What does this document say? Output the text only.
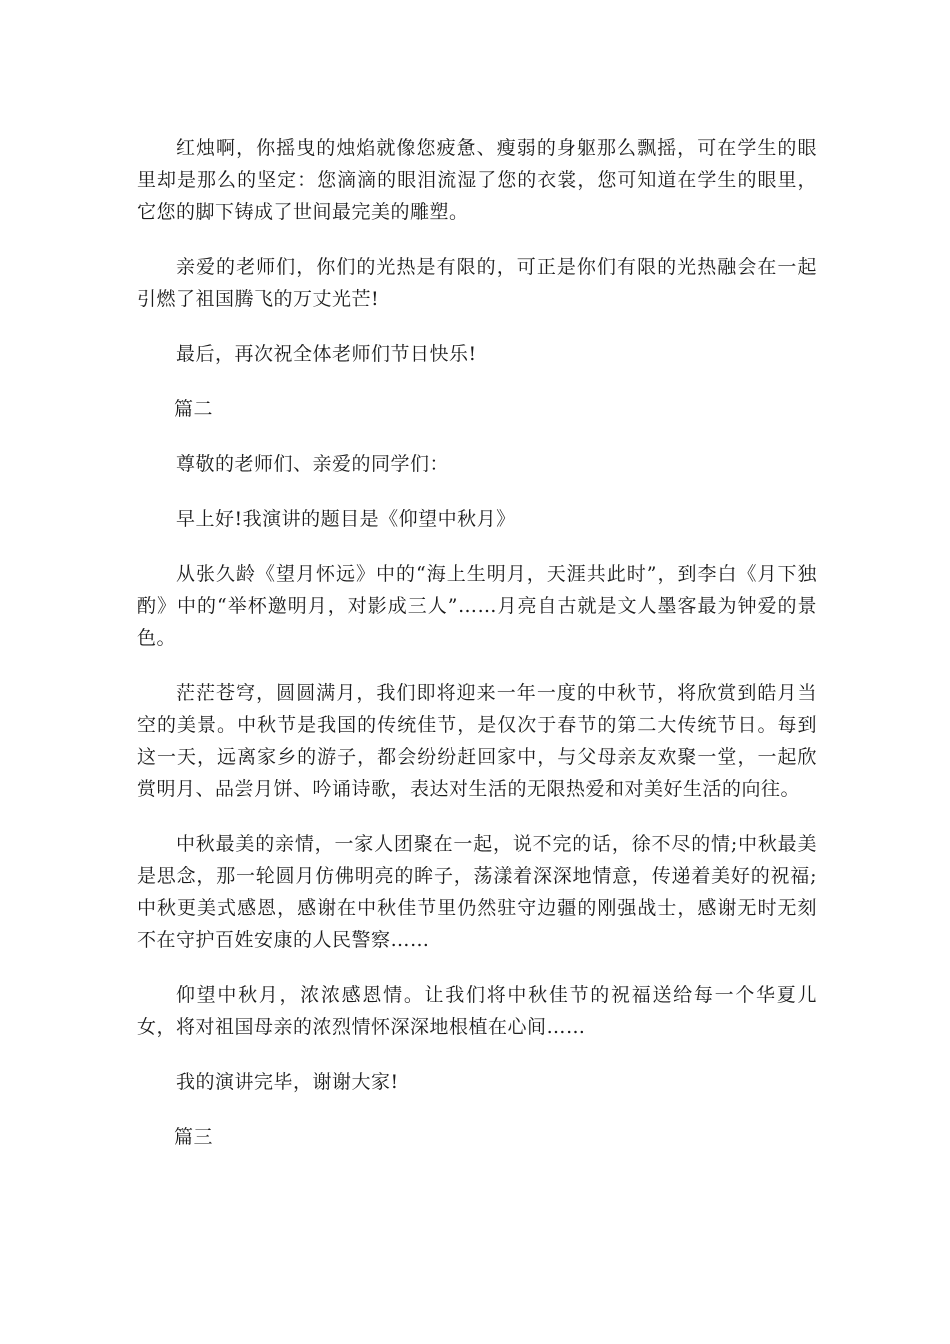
红烛啊，你摇曳的烛焰就像您疲惫、瘦弱的身躯那么飘摇，可在学生的眼里却是那么的坚定：您滴滴的眼泪流湿了您的衣裳，您可知道在学生的眼里，它您的脚下铸成了世间最完美的雕塑。

亲爱的老师们，你们的光热是有限的，可正是你们有限的光热融会在一起引燃了祖国腾飞的万丈光芒!

最后，再次祝全体老师们节日快乐!

篇二

尊敬的老师们、亲爱的同学们：

早上好!我演讲的题目是《仰望中秋月》

从张久龄《望月怀远》中的“海上生明月，天涯共此时”，到李白《月下独酌》中的“举杯邀明月，对影成三人”……月亮自古就是文人墨客最为钟爱的景色。

茫茫苍穹，圆圆满月，我们即将迎来一年一度的中秋节，将欣赏到皓月当空的美景。中秋节是我国的传统佳节，是仅次于春节的第二大传统节日。每到这一天，远离家乡的游子，都会纷纷赶回家中，与父母亲友欢聚一堂，一起欣赏明月、品尝月饼、吟诵诗歌，表达对生活的无限热爱和对美好生活的向往。

中秋最美的亲情，一家人团聚在一起，说不完的话，徐不尽的情;中秋最美是思念，那一轮圆月仿佛明亮的眸子，荡漾着深深地情意，传递着美好的祝福;中秋更美式感恩，感谢在中秋佳节里仍然驻守边疆的刚强战士，感谢无时无刻不在守护百姓安康的人民警察……

仰望中秋月，浓浓感恩情。让我们将中秋佳节的祝福送给每一个华夏儿女，将对祖国母亲的浓烈情怀深深地根植在心间……

我的演讲完毕，谢谢大家!

篇三
